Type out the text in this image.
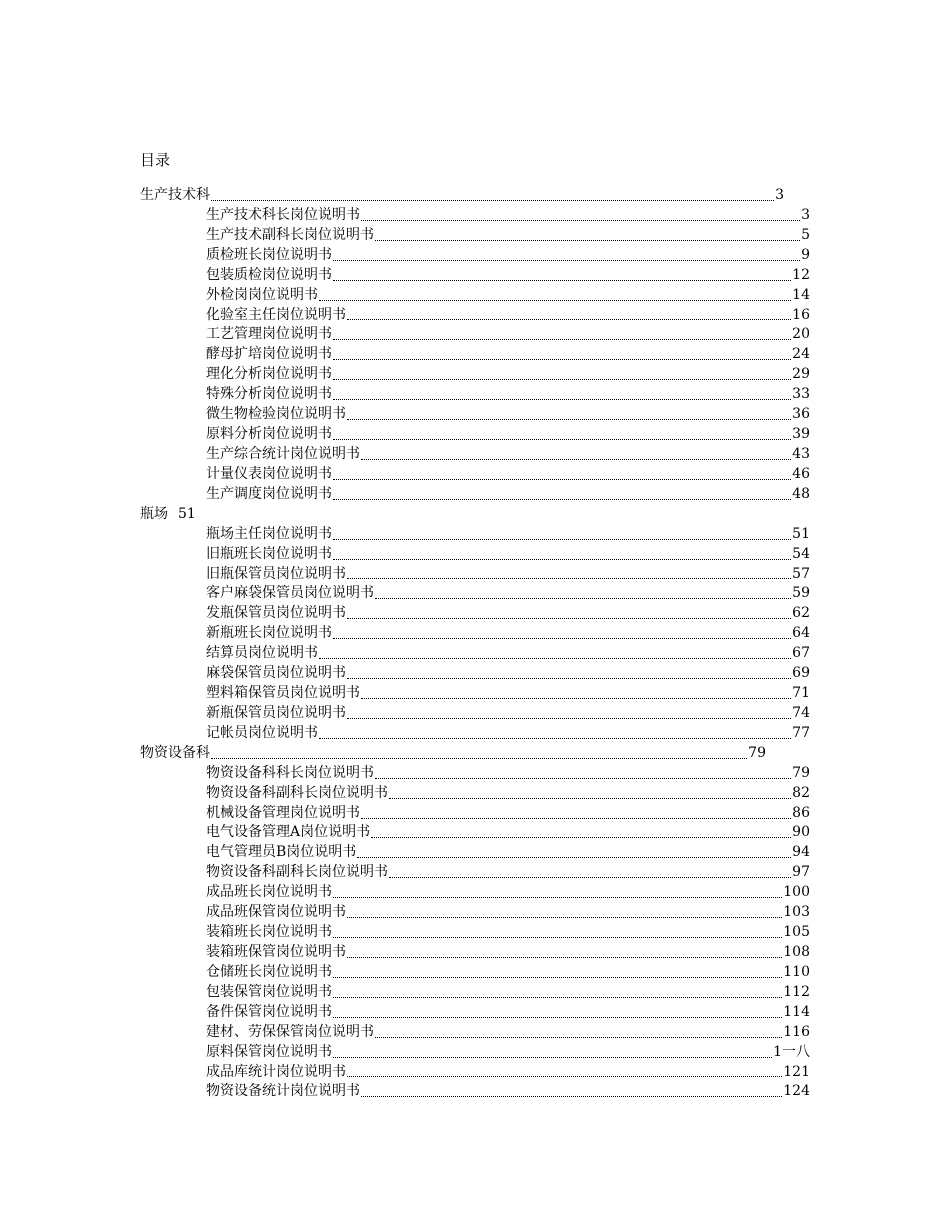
目录
生产技术科	3
生产技术科长岗位说明书	3
生产技术副科长岗位说明书	5
质检班长岗位说明书	9
包装质检岗位说明书	12
外检岗岗位说明书	14
化验室主任岗位说明书	16
工艺管理岗位说明书	20
酵母扩培岗位说明书	24
理化分析岗位说明书	29
特殊分析岗位说明书	33
微生物检验岗位说明书	36
原料分析岗位说明书	39
生产综合统计岗位说明书	43
计量仪表岗位说明书	46
生产调度岗位说明书	48
瓶场 51
瓶场主任岗位说明书	51
旧瓶班长岗位说明书	54
旧瓶保管员岗位说明书	57
客户麻袋保管员岗位说明书	59
发瓶保管员岗位说明书	62
新瓶班长岗位说明书	64
结算员岗位说明书	67
麻袋保管员岗位说明书	69
塑料箱保管员岗位说明书	71
新瓶保管员岗位说明书	74
记帐员岗位说明书	77
物资设备科	79
物资设备科科长岗位说明书	79
物资设备科副科长岗位说明书	82
机械设备管理岗位说明书	86
电气设备管理A岗位说明书	90
电气管理员B岗位说明书	94
物资设备科副科长岗位说明书	97
成品班长岗位说明书	100
成品班保管岗位说明书	103
装箱班长岗位说明书	105
装箱班保管岗位说明书	108
仓储班长岗位说明书	110
包装保管岗位说明书	112
备件保管岗位说明书	114
建材、劳保保管岗位说明书	116
原料保管岗位说明书	1一八
成品库统计岗位说明书	121
物资设备统计岗位说明书	124
